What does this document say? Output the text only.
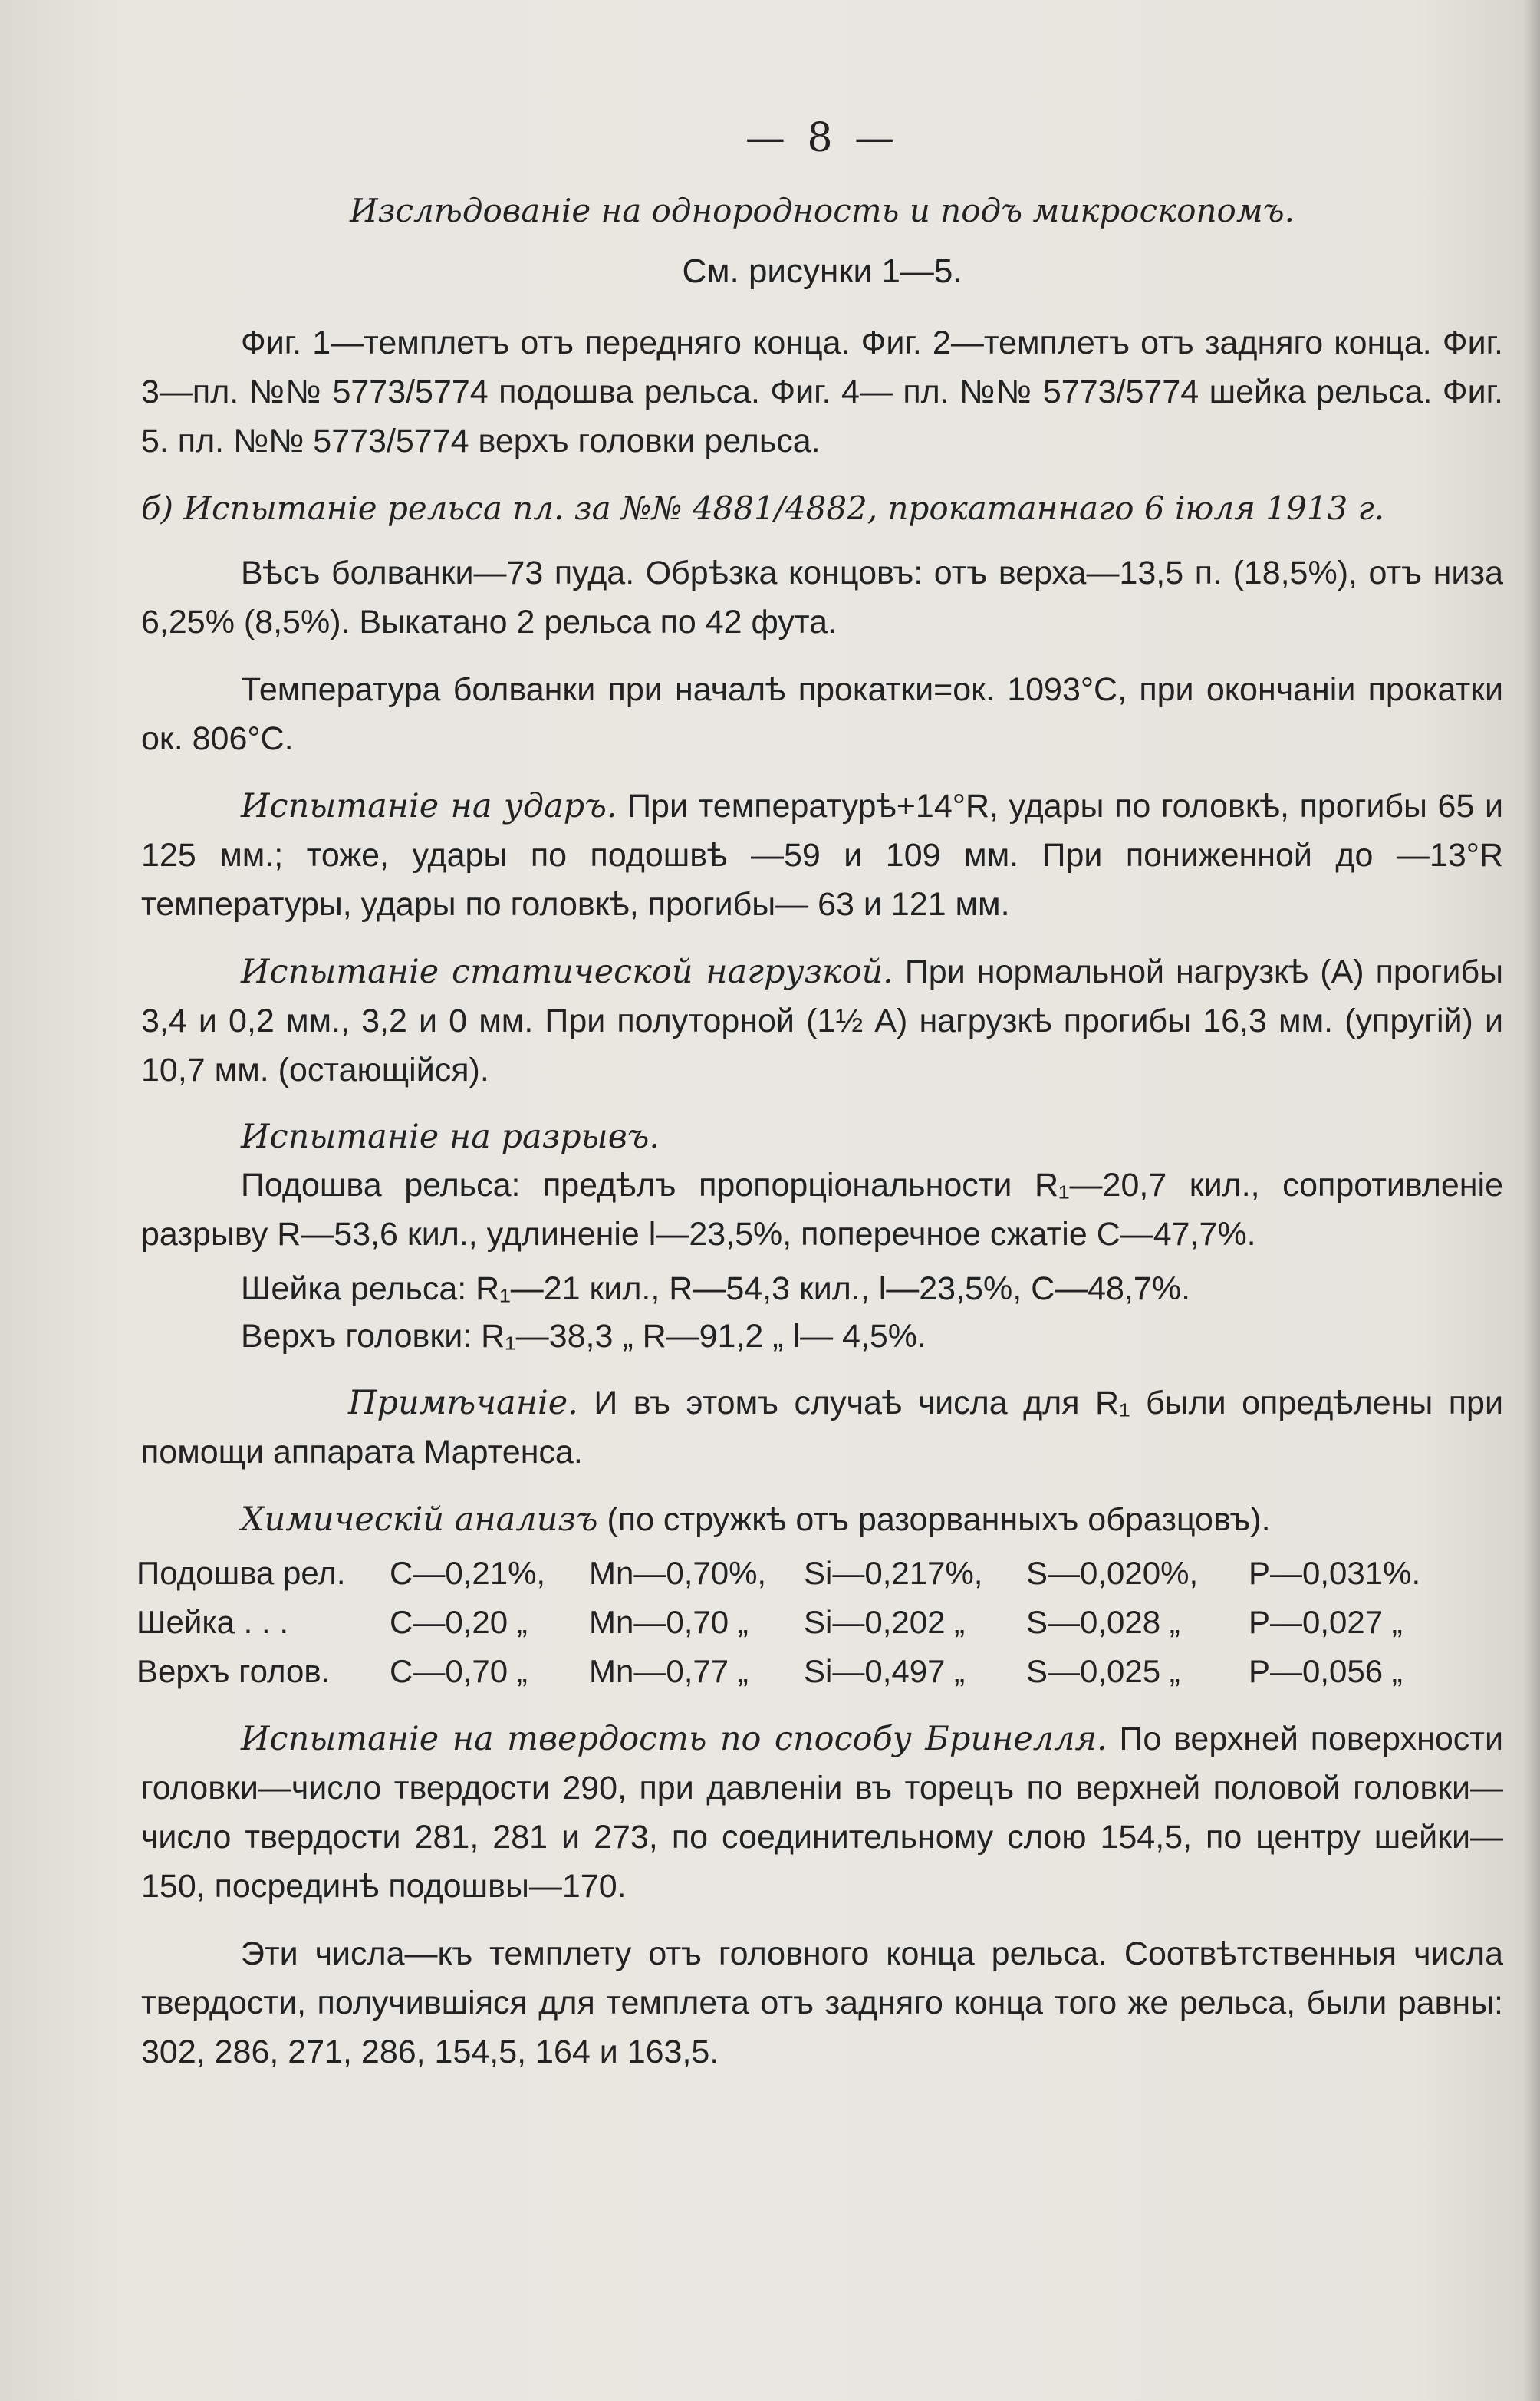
— 8 —
Изслѣдованіе на однородность и подъ микроскопомъ.
См. рисунки 1—5.

Фиг. 1—темплетъ отъ передняго конца. Фиг. 2—темплетъ отъ задняго конца. Фиг. 3—пл. №№ 5773/5774 подошва рельса. Фиг. 4— пл. №№ 5773/5774 шейка рельса. Фиг. 5. пл. №№ 5773/5774 верхъ головки рельса.

б) Испытаніе рельса пл. за №№ 4881/4882, прокатаннаго 6 іюля 1913 г.

Вѣсъ болванки—73 пуда. Обрѣзка концовъ: отъ верха—13,5 п. (18,5%), отъ низа 6,25% (8,5%). Выкатано 2 рельса по 42 фута.

Температура болванки при началѣ прокатки=ок. 1093°С, при окончаніи прокатки ок. 806°С.

Испытаніе на ударъ. При температурѣ+14°R, удары по головкѣ, прогибы 65 и 125 мм.; тоже, удары по подошвѣ —59 и 109 мм. При пониженной до —13°R температуры, удары по головкѣ, прогибы— 63 и 121 мм.

Испытаніе статической нагрузкой. При нормальной нагрузкѣ (А) прогибы 3,4 и 0,2 мм., 3,2 и 0 мм. При полуторной (1½ А) нагрузкѣ прогибы 16,3 мм. (упругій) и 10,7 мм. (остающійся).

Испытаніе на разрывъ.

Подошва рельса: предѣлъ пропорціональности R₁—20,7 кил., сопротивленіе разрыву R—53,6 кил., удлиненіе l—23,5%, поперечное сжатіе С—47,7%.

Шейка рельса: R₁—21 кил., R—54,3 кил., l—23,5%, С—48,7%.
Верхъ головки: R₁—38,3 „ R—91,2 „ l— 4,5%.

Примѣчаніе. И въ этомъ случаѣ числа для R₁ были опредѣлены при помощи аппарата Мартенса.

Химическій анализъ (по стружкѣ отъ разорванныхъ образцовъ).

Подошва рел.	С—0,21%,	Mn—0,70%,	Si—0,217%,	S—0,020%,	P—0,031%.
Шейка . . .	С—0,20 „	Mn—0,70 „	Si—0,202 „	S—0,028 „	P—0,027 „
Верхъ голов.	С—0,70 „	Mn—0,77 „	Si—0,497 „	S—0,025 „	P—0,056 „

Испытаніе на твердость по способу Бринелля. По верхней поверхности головки—число твердости 290, при давленіи въ торецъ по верхней половой головки—число твердости 281, 281 и 273, по соединительному слою 154,5, по центру шейки—150, посрединѣ подошвы—170.

Эти числа—къ темплету отъ головного конца рельса. Соотвѣтственныя числа твердости, получившіяся для темплета отъ задняго конца того же рельса, были равны: 302, 286, 271, 286, 154,5, 164 и 163,5.
